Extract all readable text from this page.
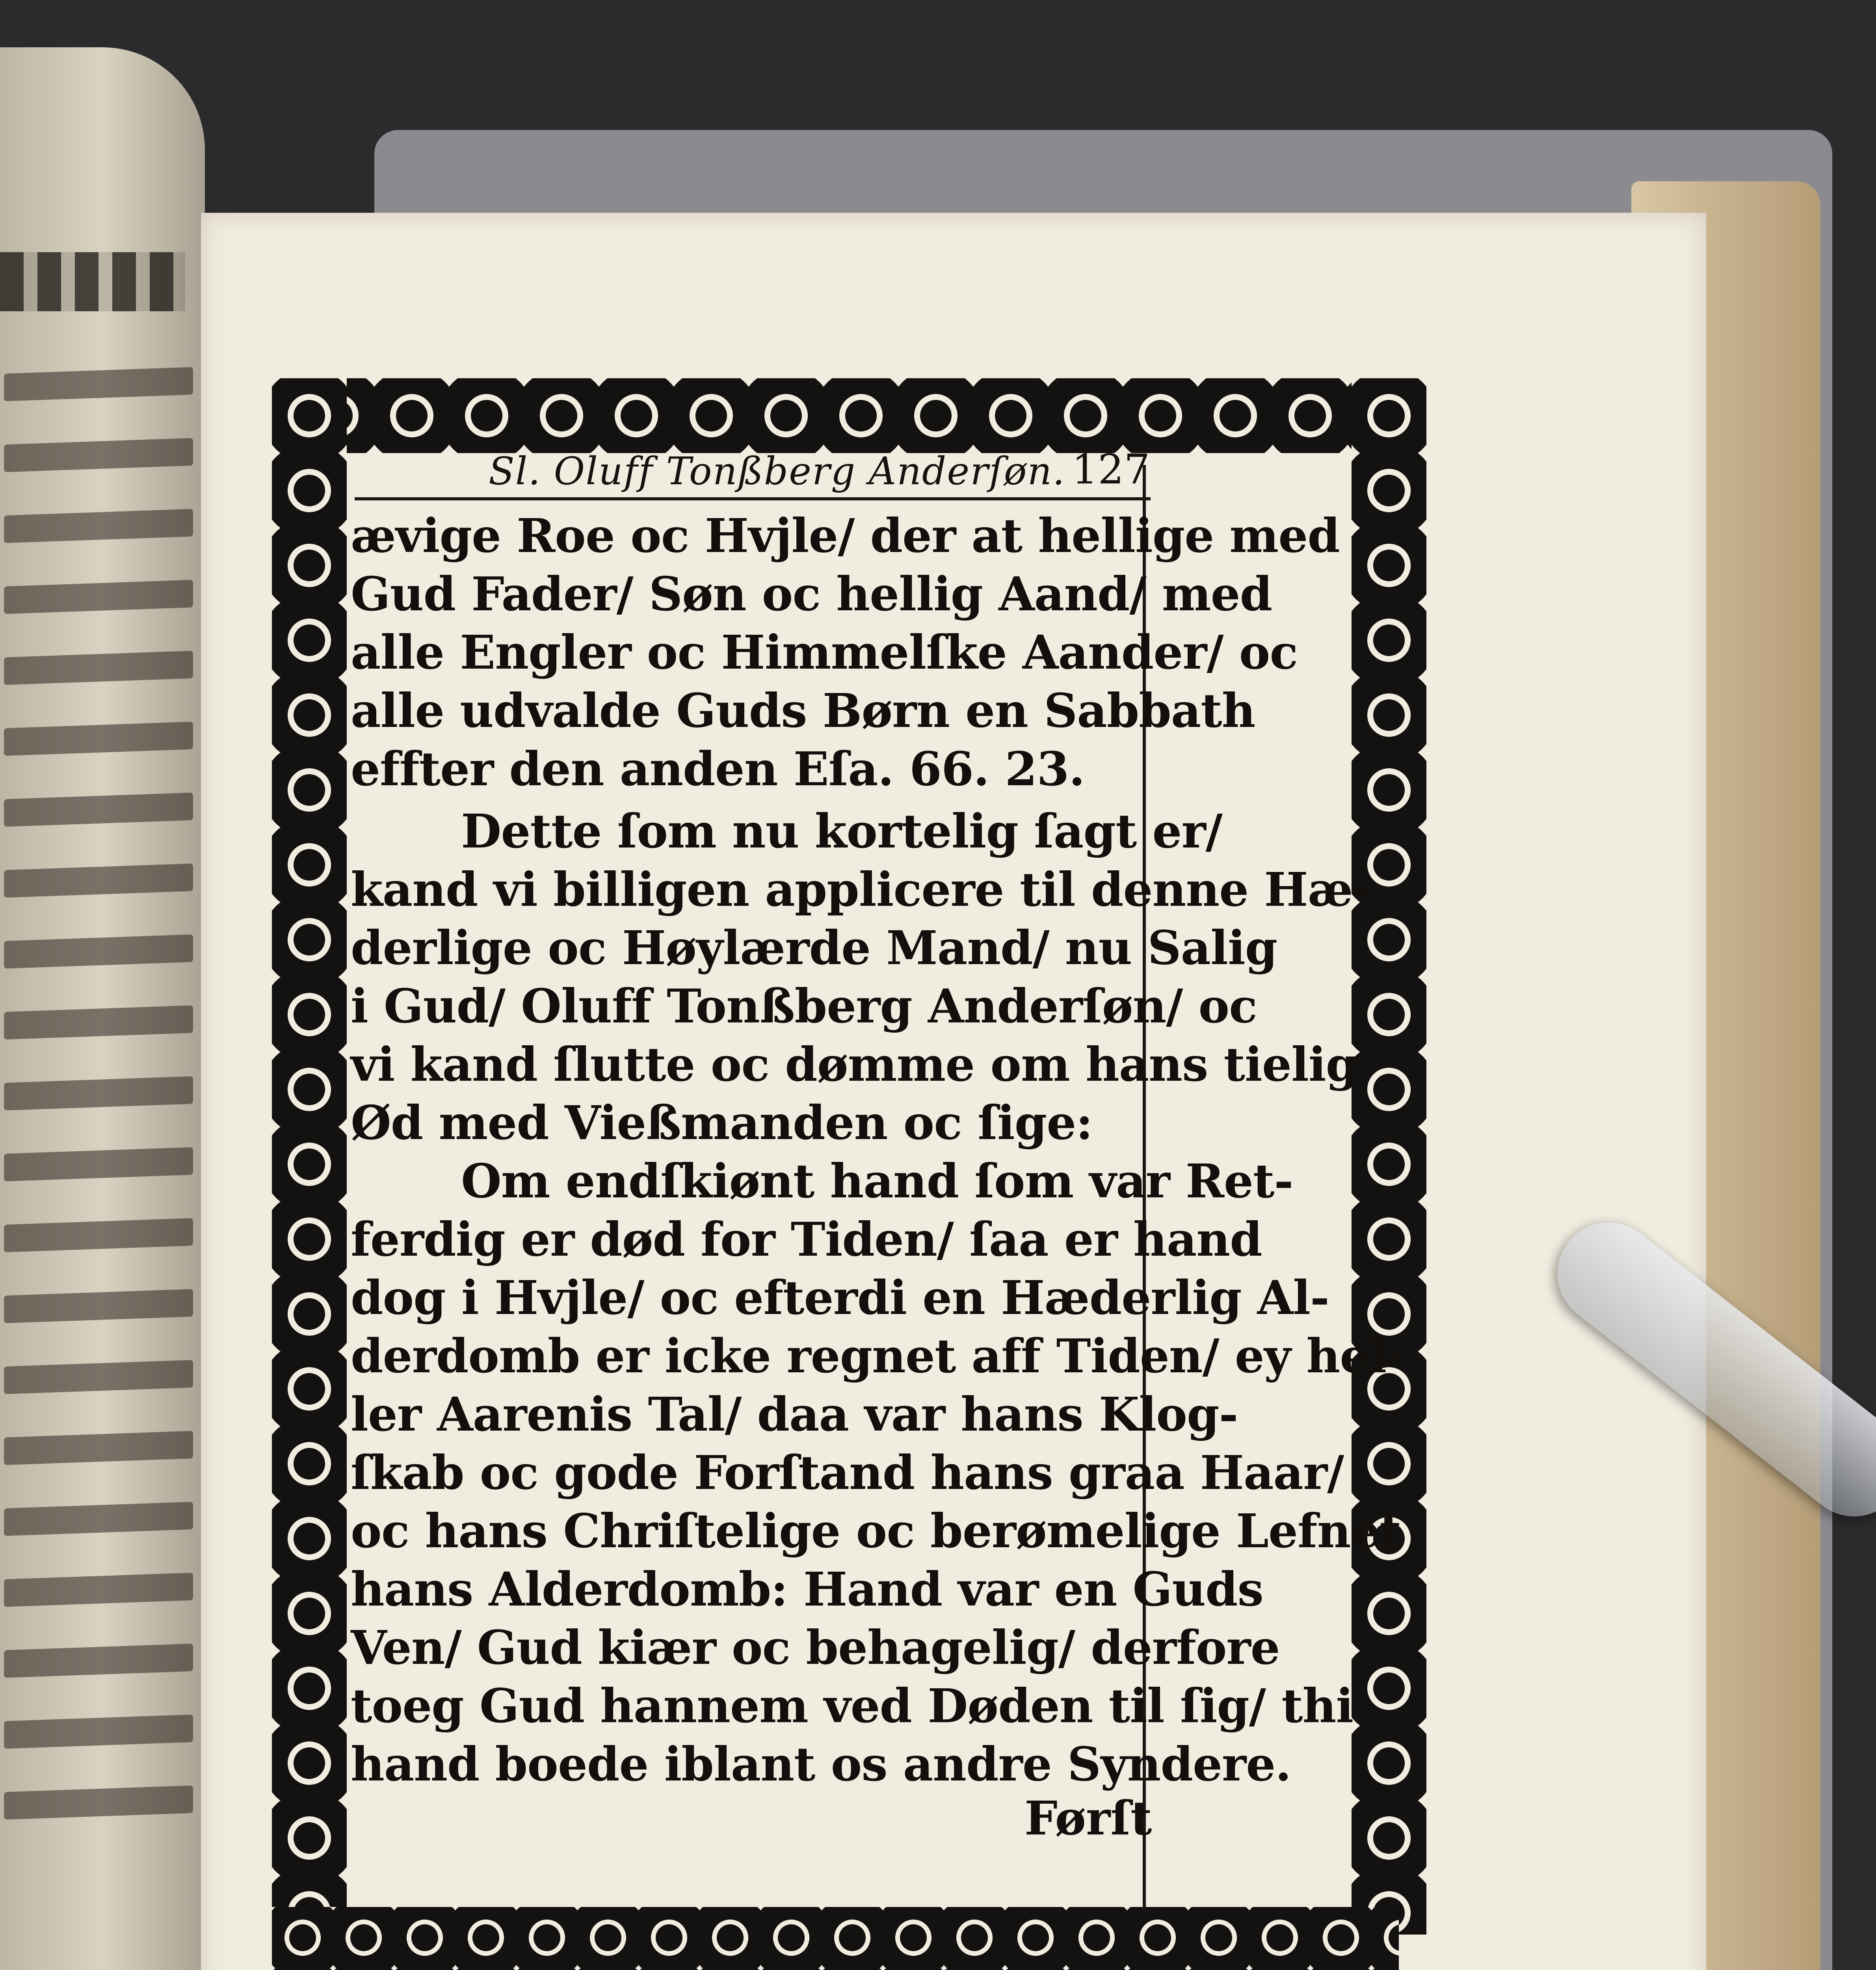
Sl. Oluff Tonßberg Anderſøn. 127
ævige Roe oc Hvjle/ der at hellige med
Gud Fader/ Søn oc hellig Aand/ med
alle Engler oc Himmelſke Aander/ oc
alle udvalde Guds Børn en Sabbath
effter den anden Eſa. 66. 23.
Dette ſom nu kortelig ſagt er/
kand vi billigen applicere til denne Hæ-
derlige oc Høylærde Mand/ nu Salig
i Gud/ Oluff Tonßberg Anderſøn/ oc
vi kand ſlutte oc dømme om hans tielig
Ød med Vießmanden oc ſige:
Om endſkiønt hand ſom var Ret-
ferdig er død for Tiden/ ſaa er hand
dog i Hvjle/ oc efterdi en Hæderlig Al-
derdomb er icke regnet aff Tiden/ ey hel-
ler Aarenis Tal/ daa var hans Klog-
ſkab oc gode Forſtand hans graa Haar/
oc hans Chriſtelige oc berømelige Lefnet
hans Alderdomb: Hand var en Guds
Ven/ Gud kiær oc behagelig/ derfore
toeg Gud hannem ved Døden til ſig/ thi
hand boede iblant os andre Syndere.
Førſt
